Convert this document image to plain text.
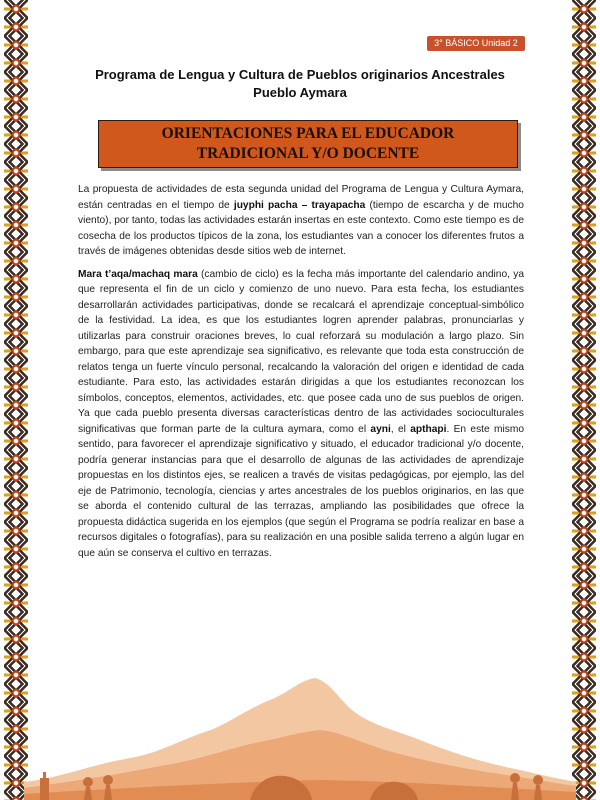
3° BÁSICO Unidad 2
Programa de Lengua y Cultura de Pueblos originarios Ancestrales
Pueblo Aymara
ORIENTACIONES PARA EL EDUCADOR TRADICIONAL Y/O DOCENTE

La propuesta de actividades de esta segunda unidad del Programa de Lengua y Cultura Aymara, están centradas en el tiempo de juyphi pacha – trayapacha (tiempo de escarcha y de mucho viento), por tanto, todas las actividades estarán insertas en este contexto. Como este tiempo es de cosecha de los productos típicos de la zona, los estudiantes van a conocer los diferentes frutos a través de imágenes obtenidas desde sitios web de internet.

Mara t’aqa/machaq mara (cambio de ciclo) es la fecha más importante del calendario andino, ya que representa el fin de un ciclo y comienzo de uno nuevo. Para esta fecha, los estudiantes desarrollarán actividades participativas, donde se recalcará el aprendizaje conceptual-simbólico de la festividad. La idea, es que los estudiantes logren aprender palabras, pronunciarlas y utilizarlas para construir oraciones breves, lo cual reforzará su modulación a largo plazo. Sin embargo, para que este aprendizaje sea significativo, es relevante que toda esta construcción de relatos tenga un fuerte vínculo personal, recalcando la valoración del origen e identidad de cada estudiante. Para esto, las actividades estarán dirigidas a que los estudiantes reconozcan los símbolos, conceptos, elementos, actividades, etc. que posee cada uno de sus pueblos de origen. Ya que cada pueblo presenta diversas características dentro de las actividades socioculturales significativas que forman parte de la cultura aymara, como el ayni, el apthapi. En este mismo sentido, para favorecer el aprendizaje significativo y situado, el educador tradicional y/o docente, podría generar instancias para que el desarrollo de algunas de las actividades de aprendizaje propuestas en los distintos ejes, se realicen a través de visitas pedagógicas, por ejemplo, las del eje de Patrimonio, tecnología, ciencias y artes ancestrales de los pueblos originarios, en las que se aborda el contenido cultural de las terrazas, ampliando las posibilidades que ofrece la propuesta didáctica sugerida en los ejemplos (que según el Programa se podría realizar en base a recursos digitales o fotografías), para su realización en una posible salida terreno a algún lugar en que aún se conserva el cultivo en terrazas.
